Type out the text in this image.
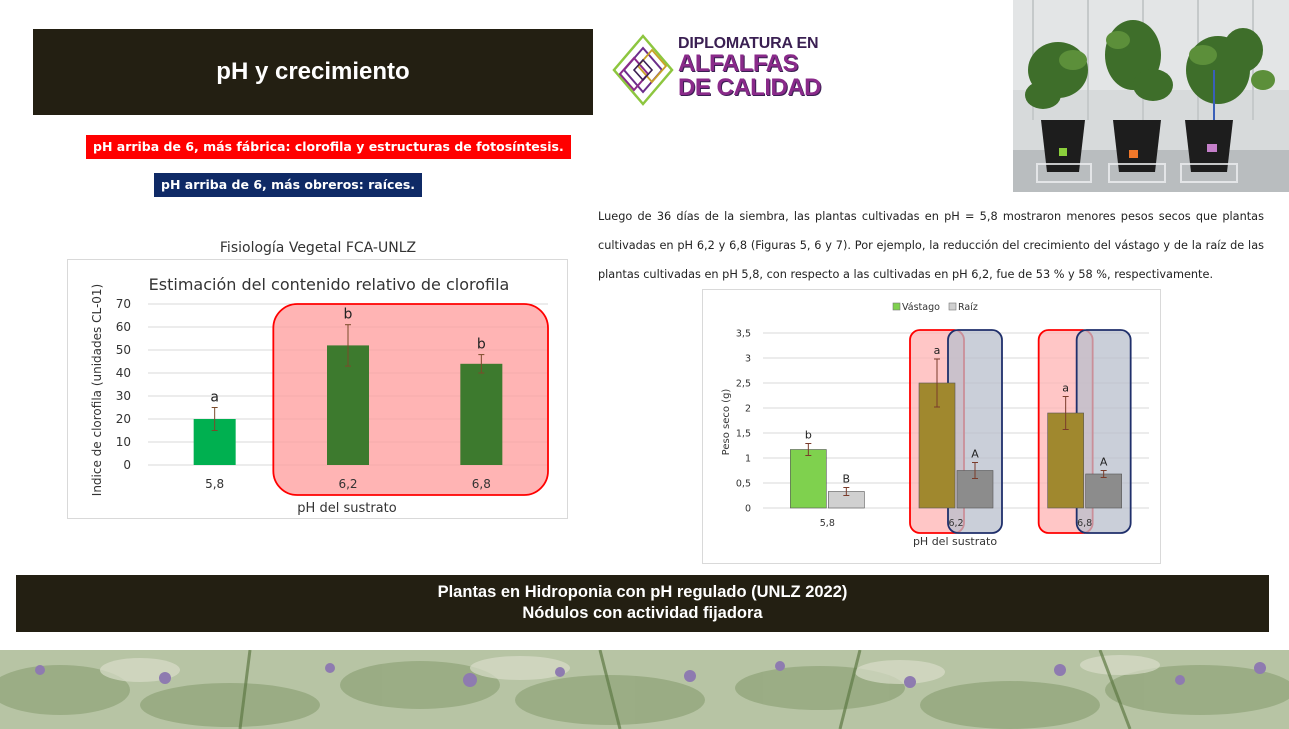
pH y crecimiento
pH arriba de 6, más fábrica: clorofila y estructuras de fotosíntesis.
pH arriba de 6, más obreros: raíces.
DIPLOMATURA EN
ALFALFAS
DE CALIDAD
Luego de 36 días de la siembra, las plantas cultivadas en pH = 5,8 mostraron menores pesos secos que plantas cultivadas en pH 6,2 y 6,8 (Figuras 5, 6 y 7). Por ejemplo, la reducción del crecimiento del vástago y de la raíz de las plantas cultivadas en pH 5,8, con respecto a las cultivadas en pH 6,2, fue de 53 % y 58 %, respectivamente.
Fisiología Vegetal FCA-UNLZ
Estimación del contenido relativo de clorofila
Indice de clorofila (unidades CL-01)
pH del sustrato
0
10
20
30
40
50
60
70
a
5,8
b
6,2
b
6,8
Vástago Raíz
Peso seco (g)
pH del sustrato
0
0,5
1
1,5
2
2,5
3
3,5
b
B
5,8
a
A
6,2
a
A
6,8
Plantas en Hidroponia con pH regulado (UNLZ 2022)
Nódulos con actividad fijadora
